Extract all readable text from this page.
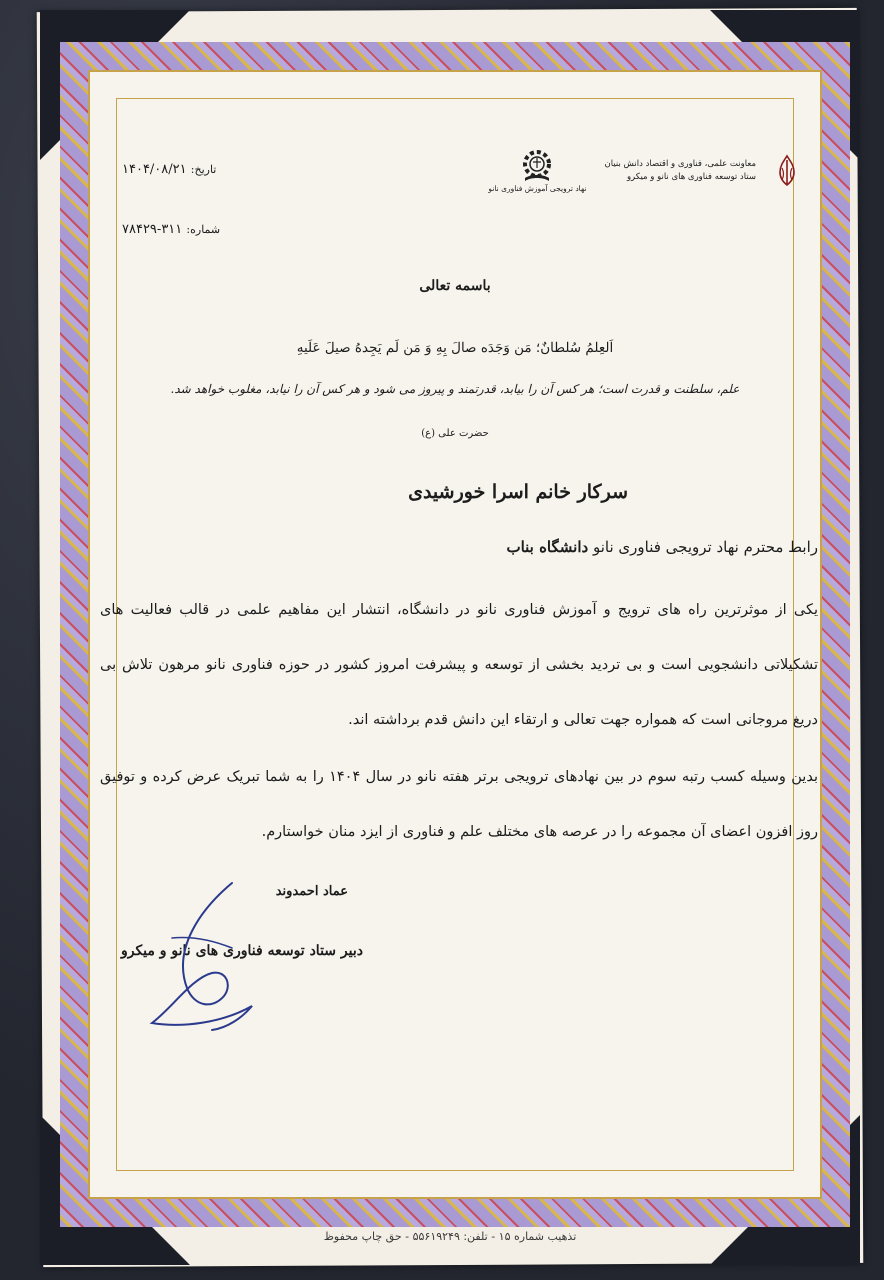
معاونت علمی، فناوری و اقتصاد دانش بنیان
ستاد توسعه فناوری های نانو و میکرو
نهاد ترویجی آموزش فناوری نانو
تاریخ: ۱۴۰۴/۰۸/۲۱
شماره: ۳۱۱-۷۸۴۲۹
باسمه تعالی
اَلعِلمُ سُلطانٌ؛ مَن وَجَدَه صالَ بِهِ وَ مَن لَم یَجِدهُ صیلَ عَلَیهِ
علم، سلطنت و قدرت است؛ هر کس آن را بیابد، قدرتمند و پیروز می شود و هر کس آن را نیابد، مغلوب خواهد شد.
حضرت علی (ع)
سرکار خانم اسرا خورشیدی
رابط محترم نهاد ترویجی فناوری نانو دانشگاه بناب

یکی از موثرترین راه های ترویج و آموزش فناوری نانو در دانشگاه، انتشار این مفاهیم علمی در قالب فعالیت های تشکیلاتی دانشجویی است و بی تردید بخشی از توسعه و پیشرفت امروز کشور در حوزه فناوری نانو مرهون تلاش بی دریغ مروجانی است که همواره جهت تعالی و ارتقاء این دانش قدم برداشته اند.

بدین وسیله کسب رتبه سوم در بین نهادهای ترویجی برتر هفته نانو در سال ۱۴۰۴ را به شما تبریک عرض کرده و توفیق روز افزون اعضای آن مجموعه را در عرصه های مختلف علم و فناوری از ایزد منان خواستارم.

عماد احمدوند
دبیر ستاد توسعه فناوری های نانو و میکرو
تذهیب شماره ۱۵ - تلفن: ۵۵۶۱۹۲۴۹ - حق چاپ محفوظ
